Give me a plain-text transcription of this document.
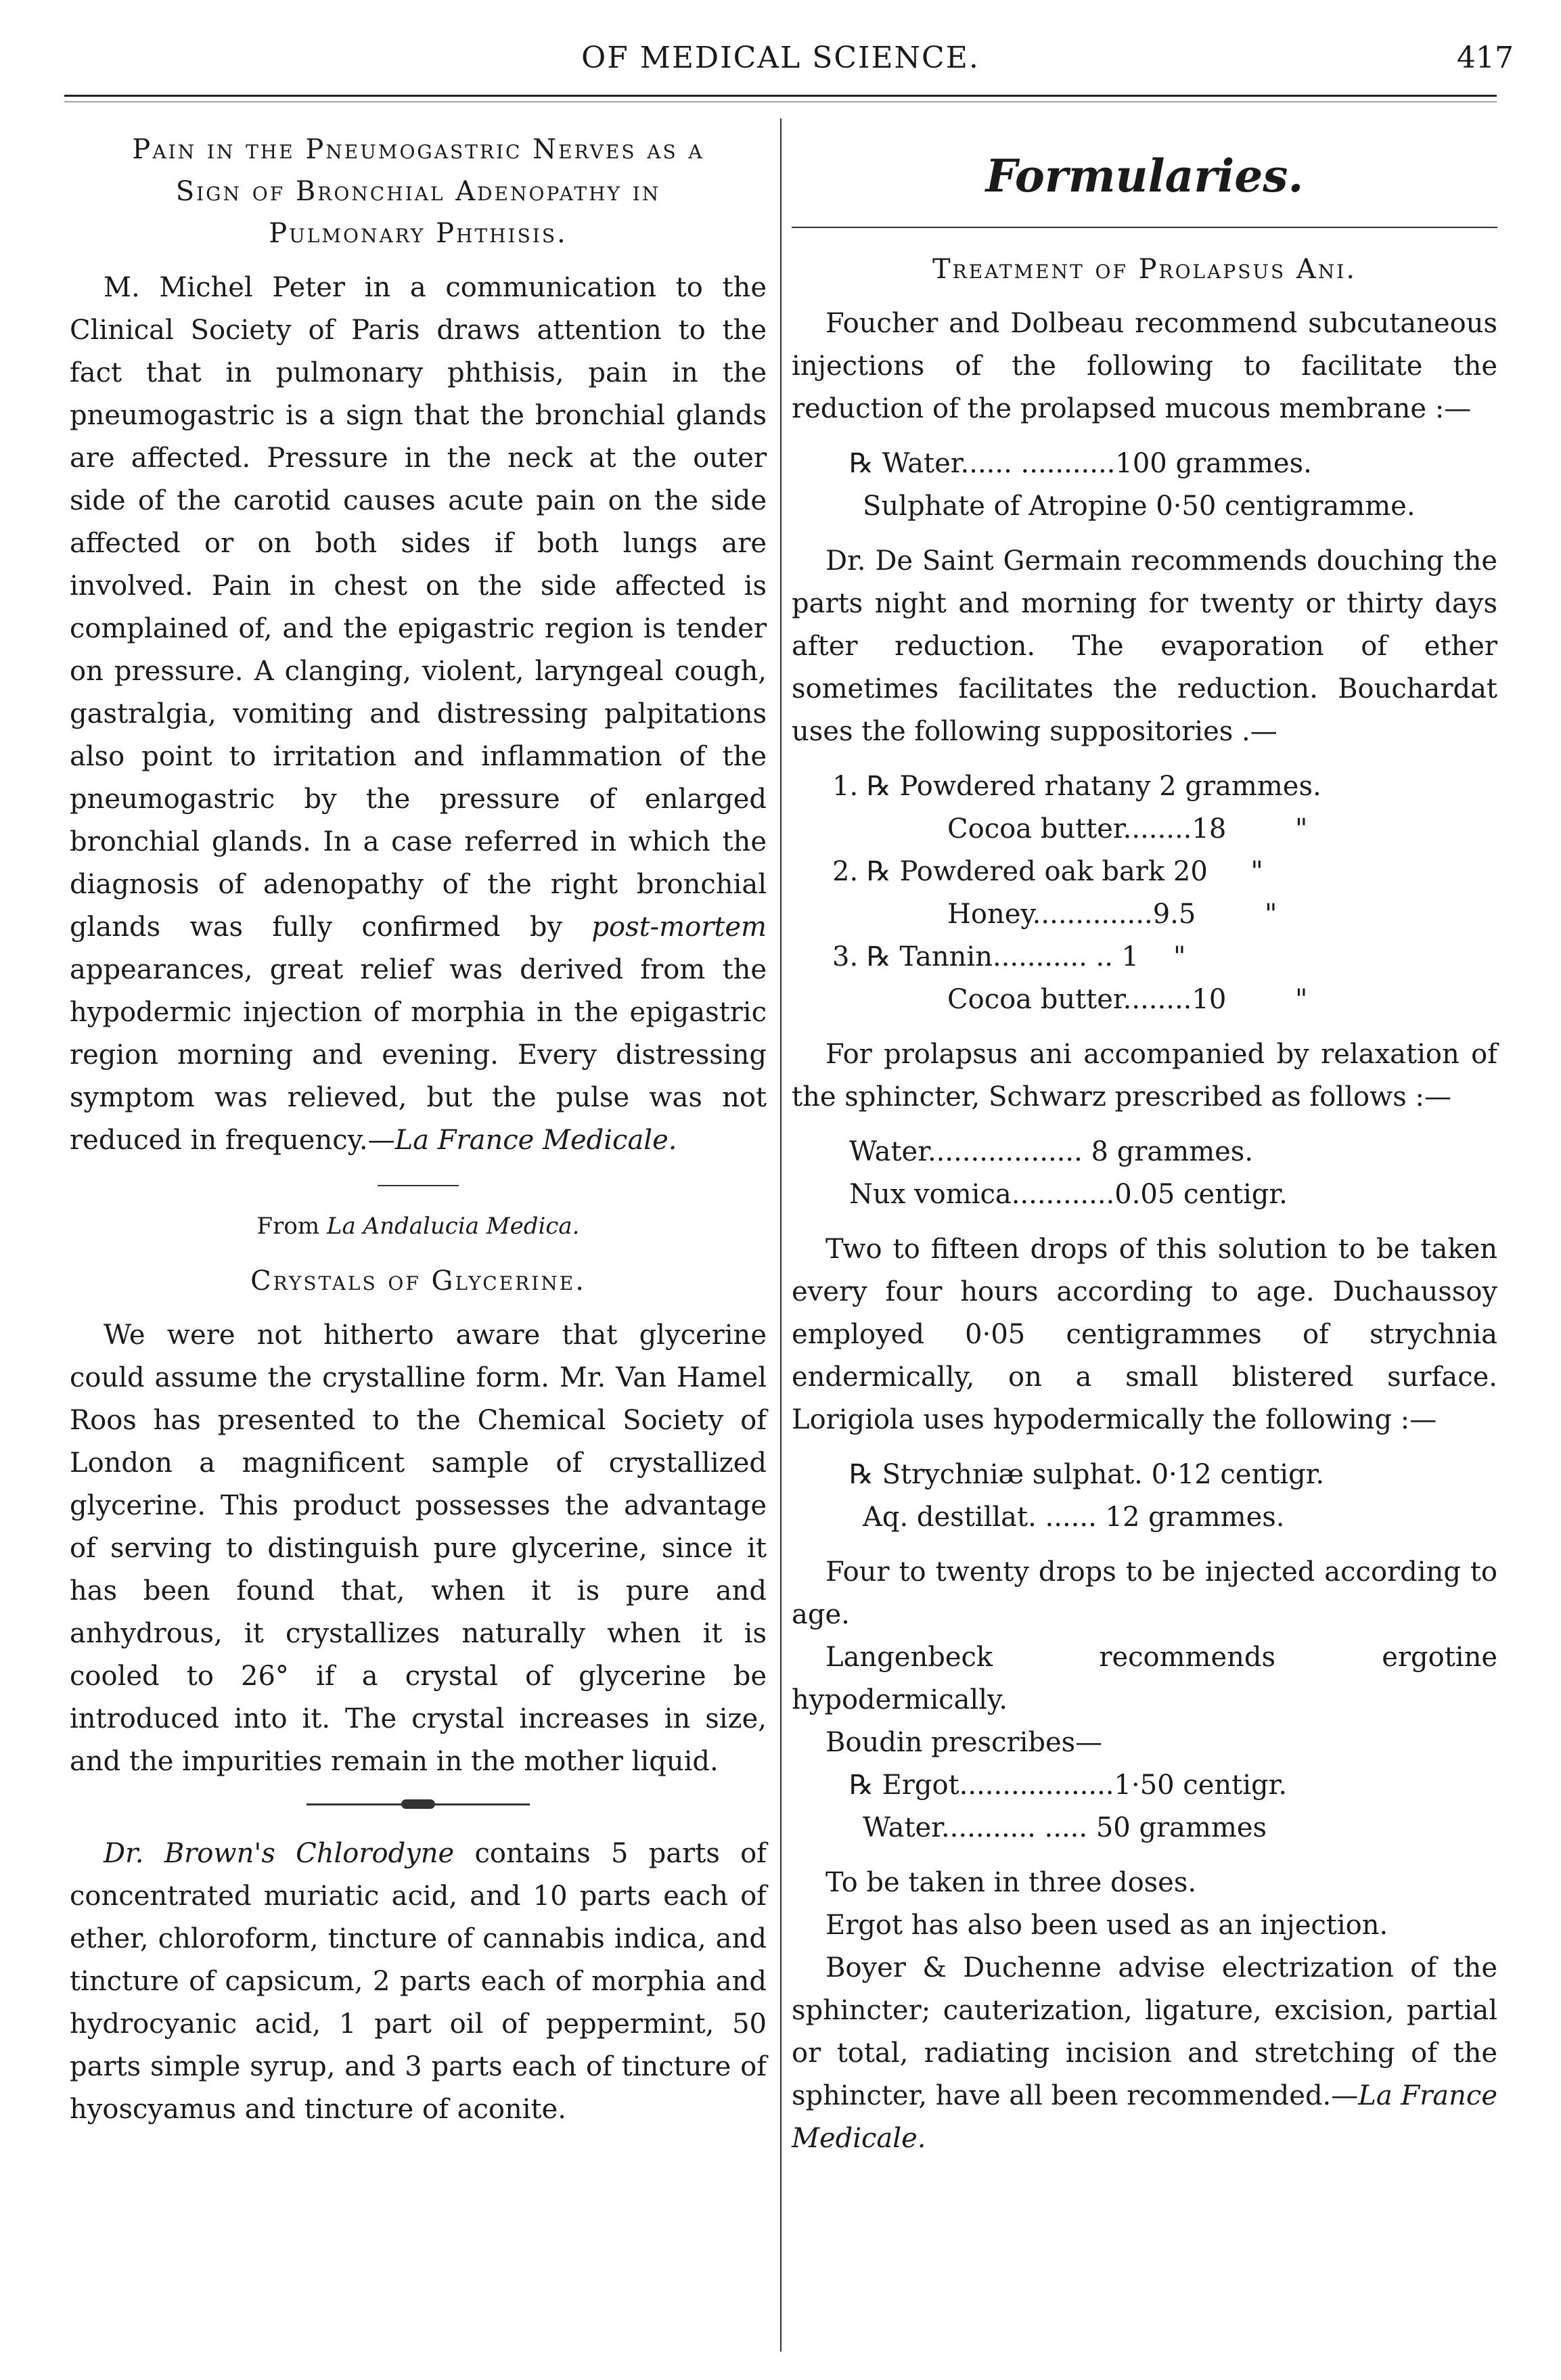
OF MEDICAL SCIENCE.	417
Pain in the Pneumogastric Nerves as a
Sign of Bronchial Adenopathy in
Pulmonary Phthisis.

M. Michel Peter in a communication to the Clinical Society of Paris draws attention to the fact that in pulmonary phthisis, pain in the pneumogastric is a sign that the bronchial glands are affected. Pressure in the neck at the outer side of the carotid causes acute pain on the side affected or on both sides if both lungs are involved. Pain in chest on the side affected is complained of, and the epigastric region is tender on pressure. A clanging, violent, laryngeal cough, gastralgia, vomiting and distressing palpitations also point to irritation and inflammation of the pneumogastric by the pressure of enlarged bronchial glands. In a case referred in which the diagnosis of adenopathy of the right bronchial glands was fully confirmed by post-mortem appearances, great relief was derived from the hypodermic injection of morphia in the epigastric region morning and evening. Every distressing symptom was relieved, but the pulse was not reduced in frequency.—La France Medicale.

From La Andalucia Medica.
Crystals of Glycerine.

We were not hitherto aware that glycerine could assume the crystalline form. Mr. Van Hamel Roos has presented to the Chemical Society of London a magnificent sample of crystallized glycerine. This product possesses the advantage of serving to distinguish pure glycerine, since it has been found that, when it is pure and anhydrous, it crystallizes naturally when it is cooled to 26° if a crystal of glycerine be introduced into it. The crystal increases in size, and the impurities remain in the mother liquid.

Dr. Brown's Chlorodyne contains 5 parts of concentrated muriatic acid, and 10 parts each of ether, chloroform, tincture of cannabis indica, and tincture of capsicum, 2 parts each of morphia and hydrocyanic acid, 1 part oil of peppermint, 50 parts simple syrup, and 3 parts each of tincture of hyoscyamus and tincture of aconite.

Formularies.
Treatment of Prolapsus Ani.

Foucher and Dolbeau recommend subcutaneous injections of the following to facilitate the reduction of the prolapsed mucous membrane :—

℞ Water...... ...........100 grammes.
Sulphate of Atropine 0·50 centigramme.

Dr. De Saint Germain recommends douching the parts night and morning for twenty or thirty days after reduction. The evaporation of ether sometimes facilitates the reduction. Bouchardat uses the following suppositories .—

1. ℞ Powdered rhatany 2 grammes.
Cocoa butter........18        "
2. ℞ Powdered oak bark 20     "
Honey..............9.5        "
3. ℞ Tannin........... .. 1    "
Cocoa butter........10        "

For prolapsus ani accompanied by relaxation of the sphincter, Schwarz prescribed as follows :—

Water.................. 8 grammes.
Nux vomica............0.05 centigr.

Two to fifteen drops of this solution to be taken every four hours according to age. Duchaussoy employed 0·05 centigrammes of strychnia endermically, on a small blistered surface. Lorigiola uses hypodermically the following :—

℞ Strychniæ sulphat. 0·12 centigr.
Aq. destillat. ...... 12 grammes.

Four to twenty drops to be injected according to age.

Langenbeck recommends ergotine hypodermically.

Boudin prescribes—

℞ Ergot..................1·50 centigr.
Water........... ..... 50 grammes

To be taken in three doses.

Ergot has also been used as an injection.

Boyer & Duchenne advise electrization of the sphincter; cauterization, ligature, excision, partial or total, radiating incision and stretching of the sphincter, have all been recommended.—La France Medicale.
